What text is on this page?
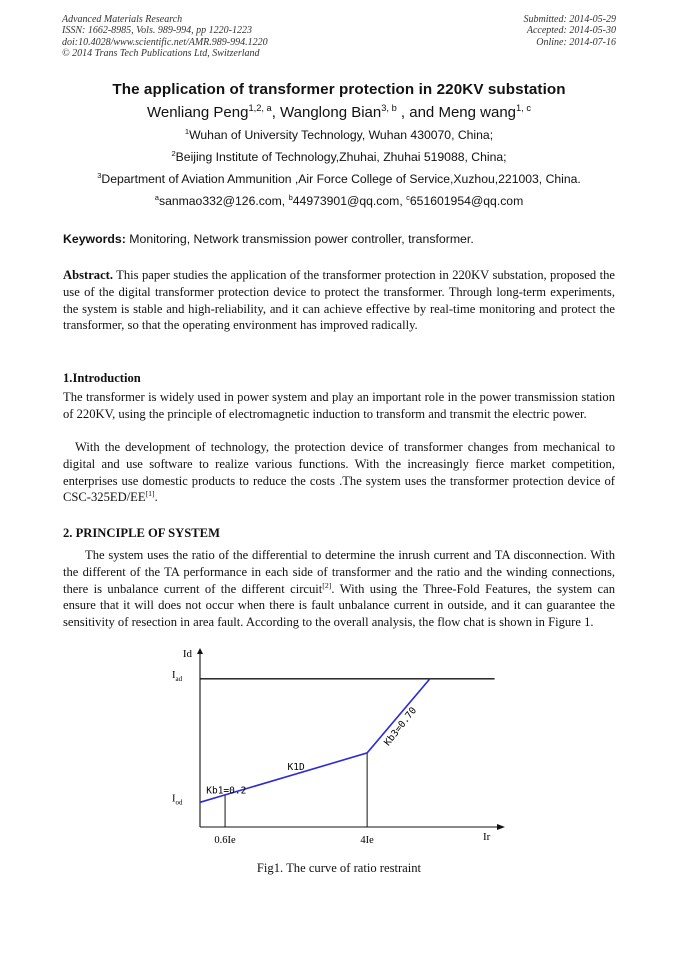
Advanced Materials Research
ISSN: 1662-8985, Vols. 989-994, pp 1220-1223
doi:10.4028/www.scientific.net/AMR.989-994.1220
© 2014 Trans Tech Publications Ltd, Switzerland
Submitted: 2014-05-29
Accepted: 2014-05-30
Online: 2014-07-16
The application of transformer protection in 220KV substation
Wenliang Peng$^{1,2, a}$, Wanglong Bian$^{3, b}$ , and Meng wang$^{1, c}$
$^1$Wuhan of University Technology, Wuhan 430070, China;
$^2$Beijing Institute of Technology,Zhuhai, Zhuhai 519088, China;
$^3$Department of Aviation Ammunition ,Air Force College of Service,Xuzhou,221003, China.
$^a$sanmao332@126.com, $^b$44973901@qq.com, $^c$651601954@qq.com
Keywords: Monitoring, Network transmission power controller, transformer.
Abstract. This paper studies the application of the transformer protection in 220KV substation, proposed the use of the digital transformer protection device to protect the transformer. Through long-term experiments, the system is stable and high-reliability, and it can achieve effective by real-time monitoring and protect the transformer, so that the operating environment has improved radically.
1.Introduction
The transformer is widely used in power system and play an important role in the power transmission station of 220KV, using the principle of electromagnetic induction to transform and transmit the electric power.
With the development of technology, the protection device of transformer changes from mechanical to digital and use software to realize various functions. With the increasingly fierce market competition, enterprises use domestic products to reduce the costs .The system uses the transformer protection device of CSC-325ED/EE[1].
2. PRINCIPLE OF SYSTEM
The system uses the ratio of the differential to determine the inrush current and TA disconnection. With the different of the TA performance in each side of transformer and the ratio and the winding connections, there is unbalance current of the different circuit[2]. With using the Three-Fold Features, the system can ensure that it will does not occur when there is fault unbalance current in outside, and it can guarantee the sensitivity of resection in area fault. According to the overall analysis, the flow chat is shown in Figure 1.
Id
Ir
$I_{od}$
$I_{ad}$
0.6Ie	4Ie
Kb1=0.2
K1D
Kb3=0.70
Fig1. The curve of ratio restraint
